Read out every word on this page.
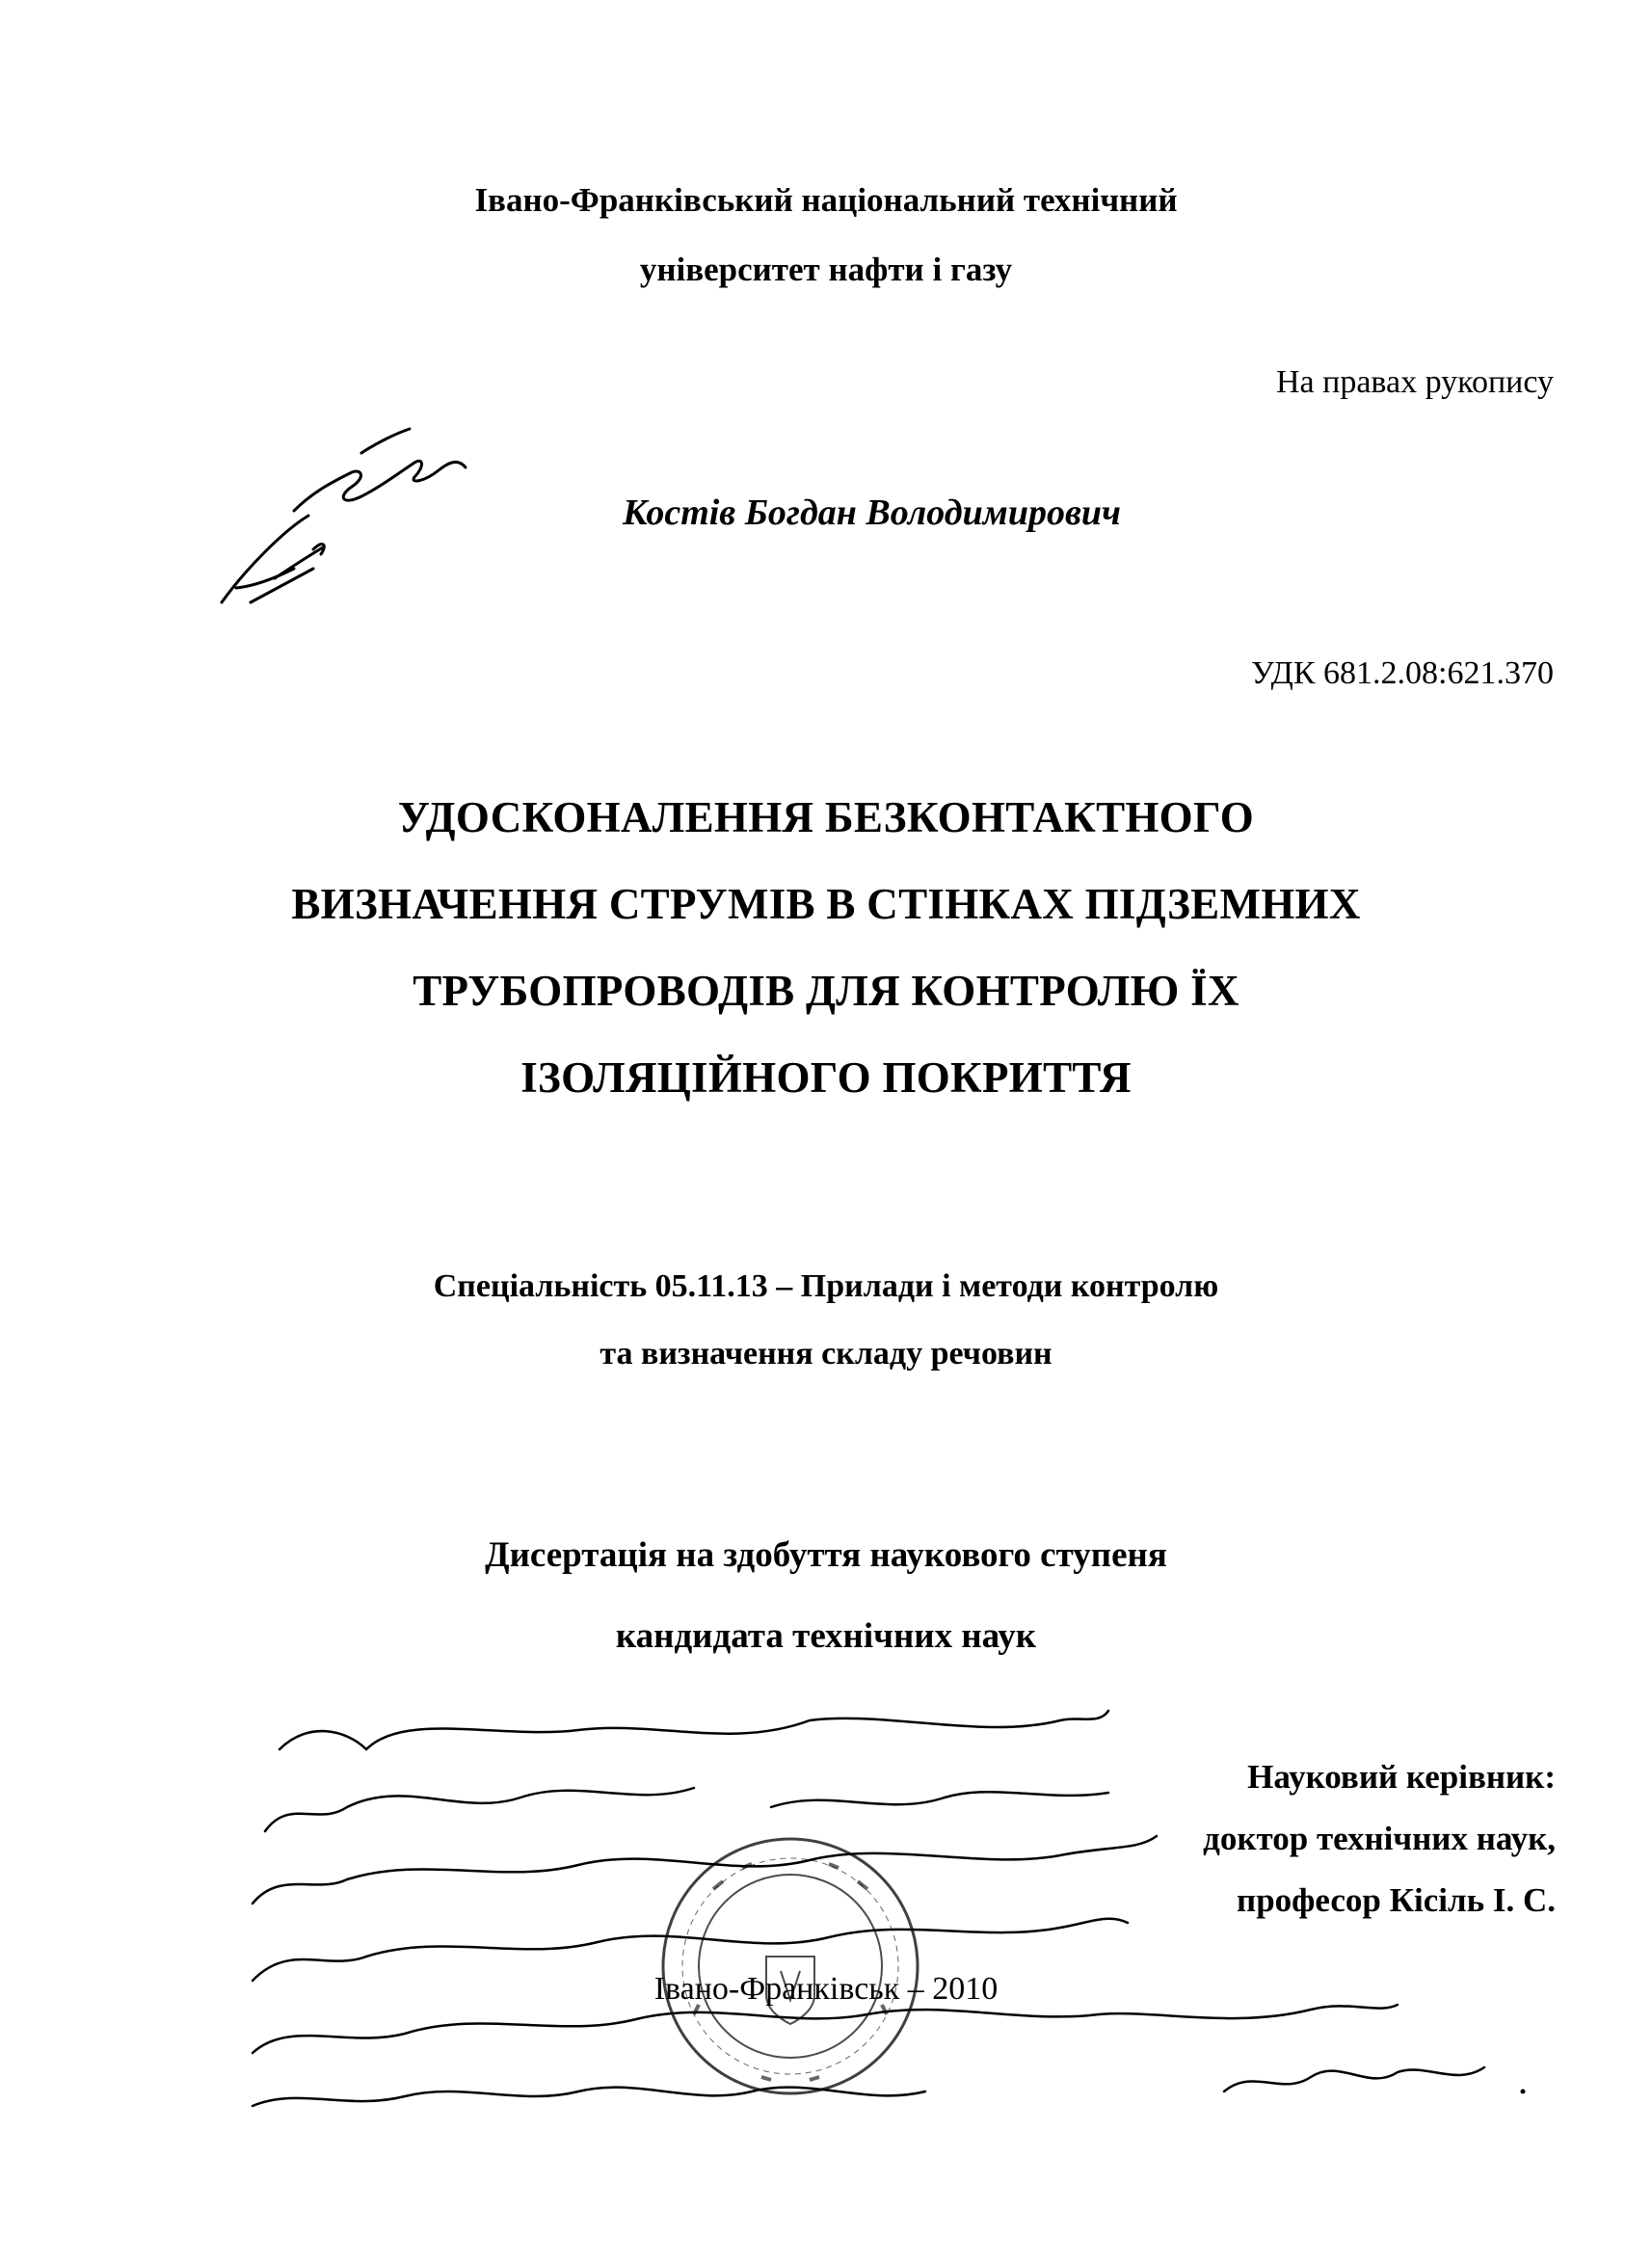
Івано-Франківський національний технічний
університет нафти і газу
На правах рукопису
Костів Богдан Володимирович
УДК 681.2.08:621.370
УДОСКОНАЛЕННЯ БЕЗКОНТАКТНОГО
ВИЗНАЧЕННЯ СТРУМІВ В СТІНКАХ ПІДЗЕМНИХ
ТРУБОПРОВОДІВ ДЛЯ КОНТРОЛЮ ЇХ
ІЗОЛЯЦІЙНОГО ПОКРИТТЯ
Спеціальність 05.11.13 – Прилади і методи контролю
та визначення складу речовин
Дисертація на здобуття наукового ступеня
кандидата технічних наук
Науковий керівник:
доктор технічних наук,
професор Кісіль І. С.
Івано-Франківськ – 2010
